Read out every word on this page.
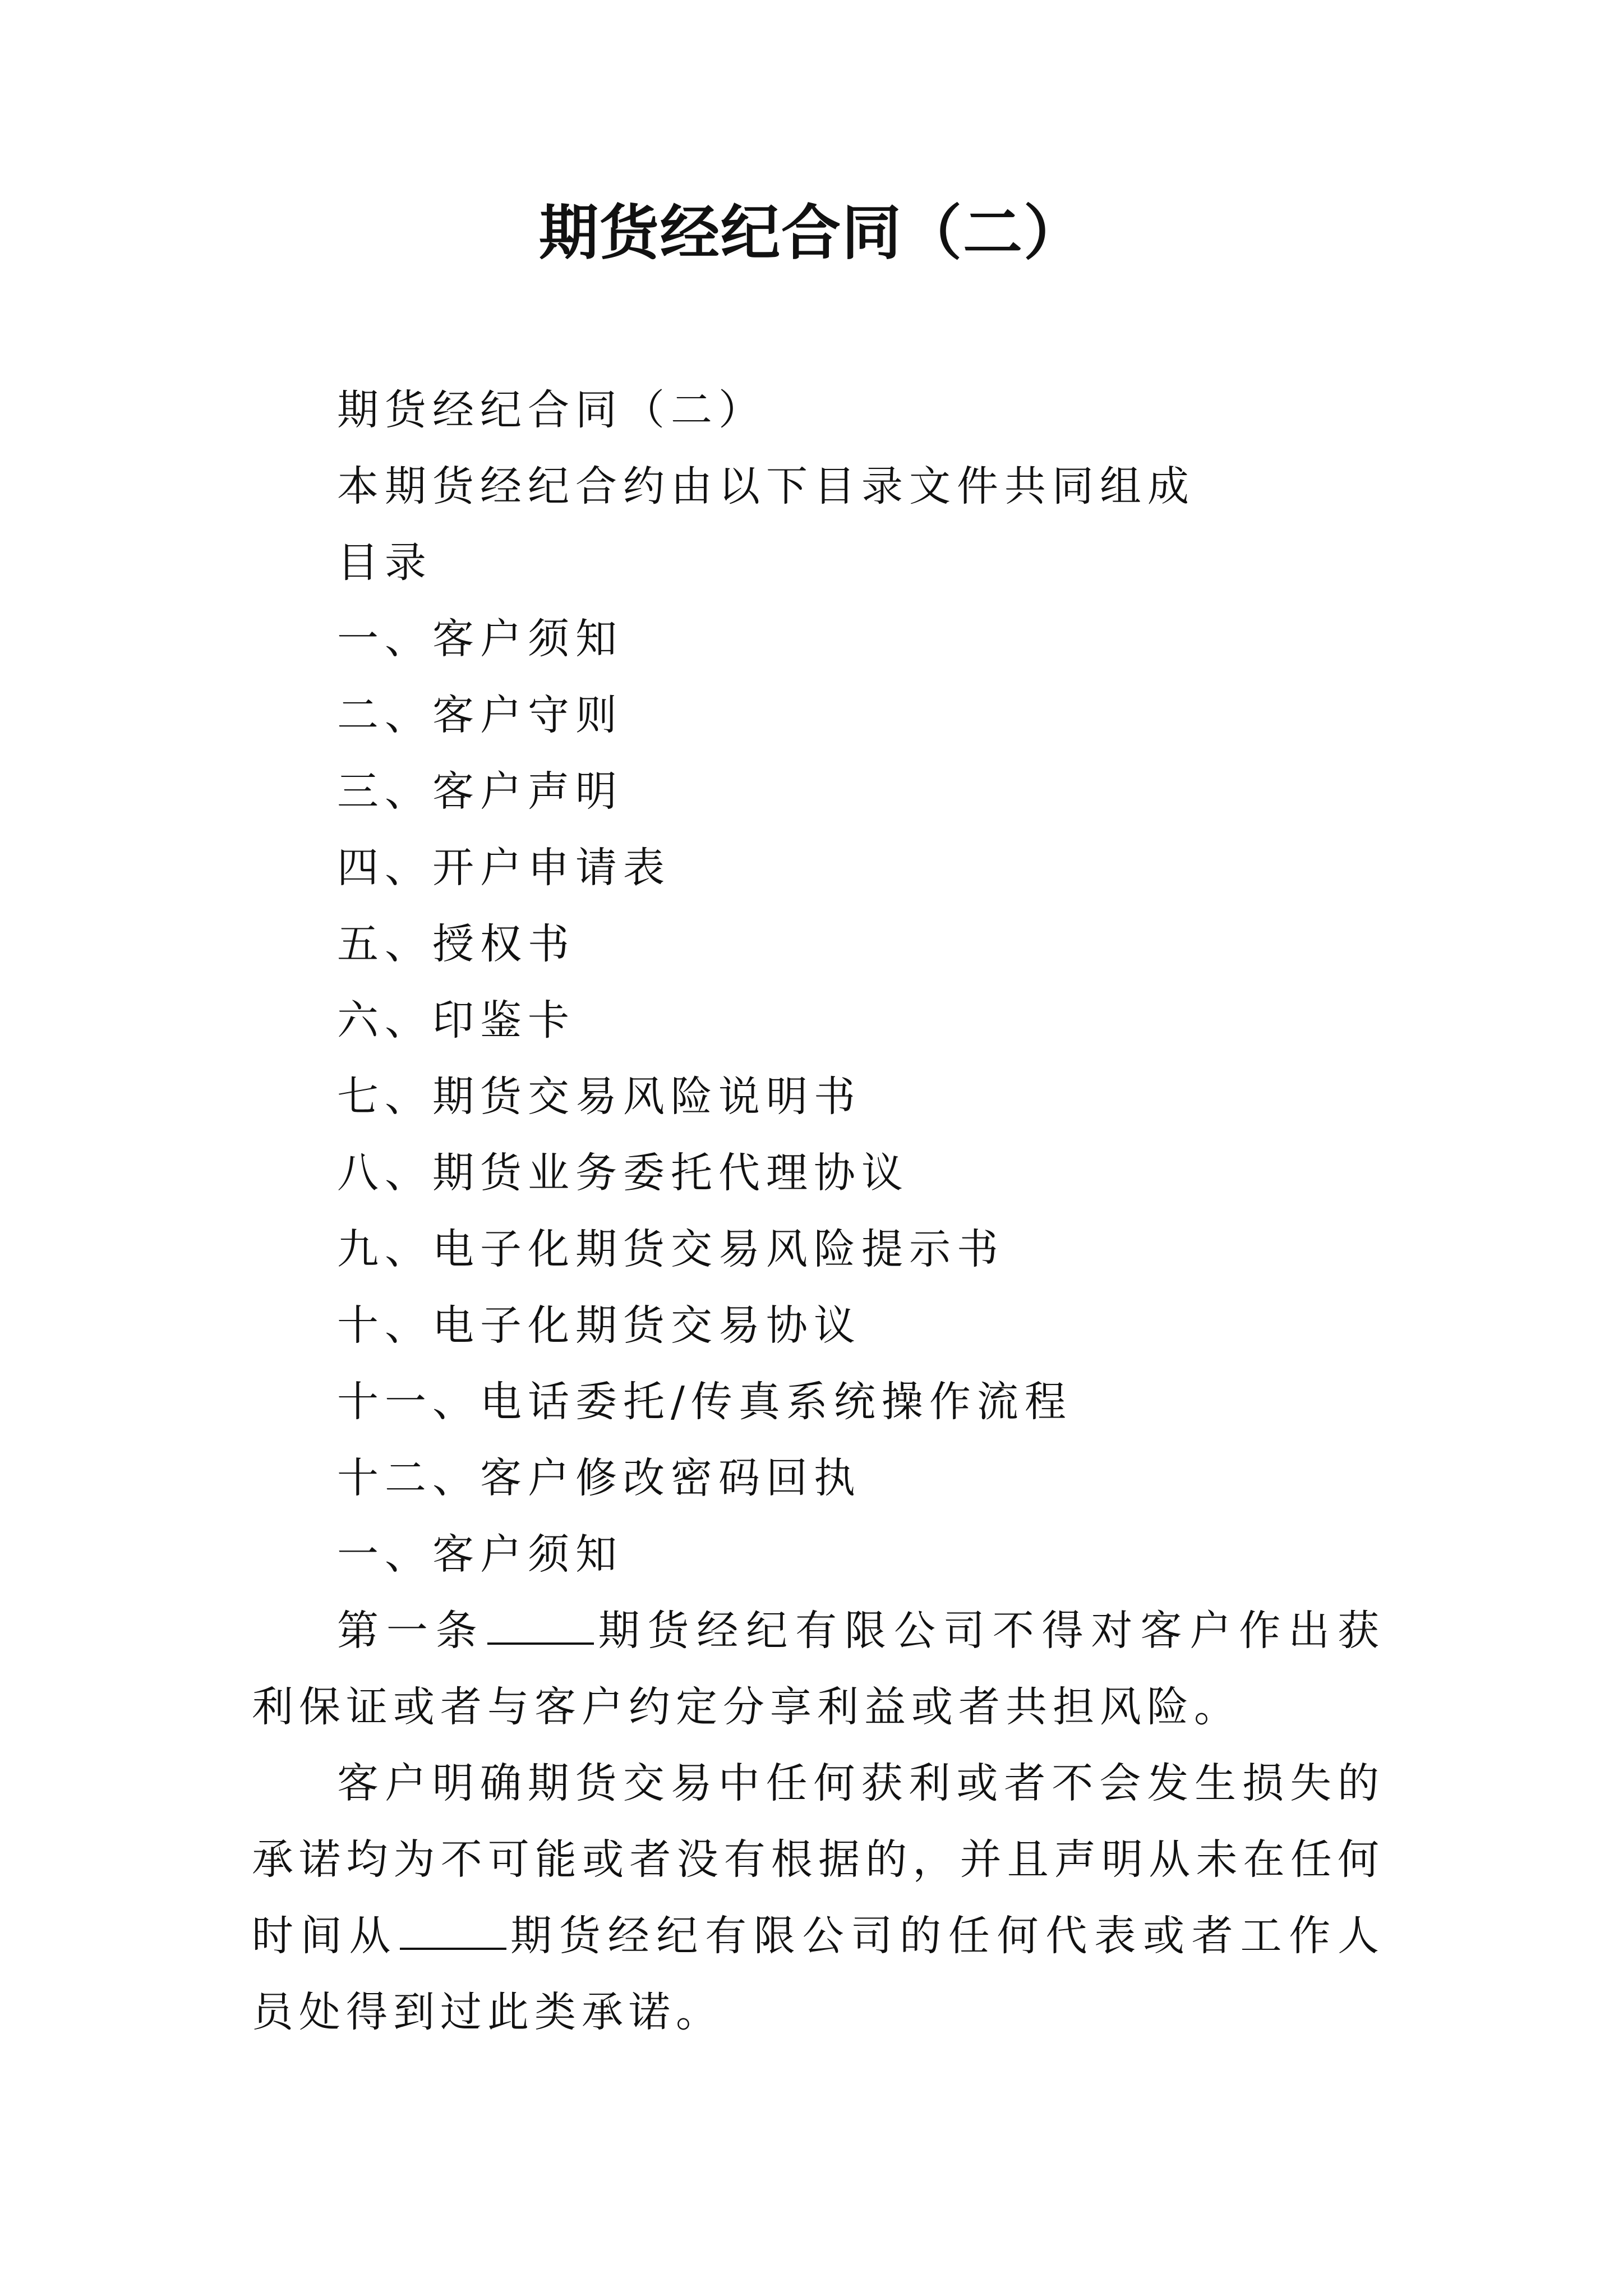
期货经纪合同（二）

期货经纪合同（二）

本期货经纪合约由以下目录文件共同组成

目录

一、客户须知

二、客户守则

三、客户声明

四、开户申请表

五、授权书

六、印鉴卡

七、期货交易风险说明书

八、期货业务委托代理协议

九、电子化期货交易风险提示书

十、电子化期货交易协议

十一、电话委托/传真系统操作流程

十二、客户修改密码回执

一、客户须知

第一条	期货经纪有限公司不得对客户作出获利保证或者与客户约定分享利益或者共担风险。

客户明确期货交易中任何获利或者不会发生损失的承诺均为不可能或者没有根据的，并且声明从未在任何时间从	期货经纪有限公司的任何代表或者工作人员处得到过此类承诺。
